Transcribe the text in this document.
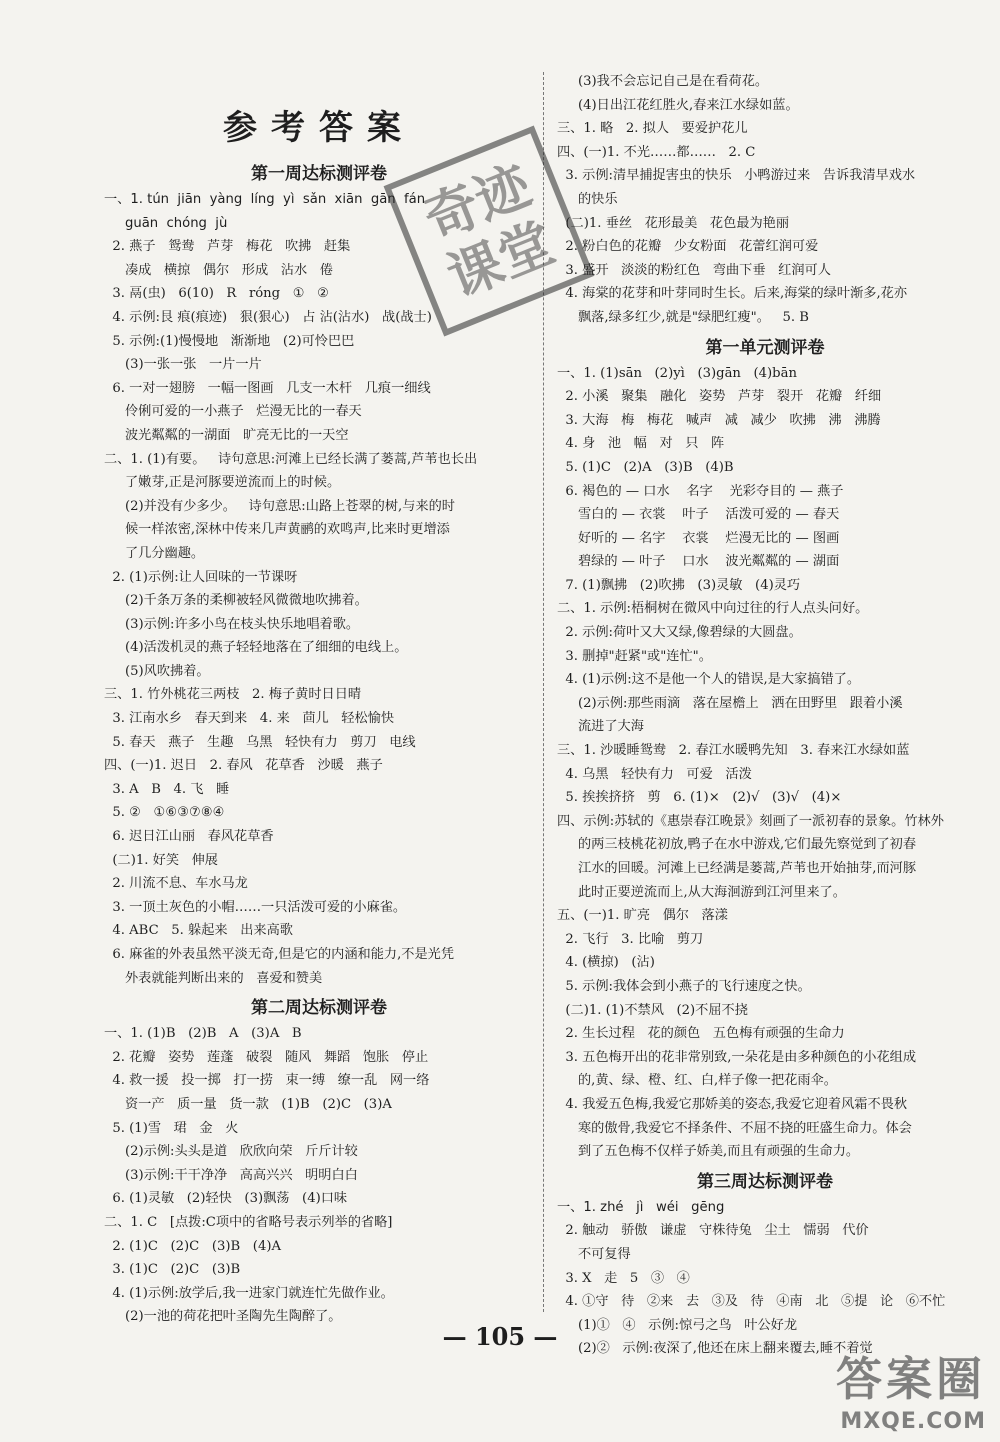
参考答案
第一周达标测评卷
一、1. tún  jiān  yàng  líng  yì  sǎn  xiān  gān  fán
guān  chóng  jù
2. 燕子   鸳鸯   芦芽   梅花   吹拂   赶集
凑成   横掠   偶尔   形成   沾水   倦
3. 鬲(虫)   6(10)   R   róng   ①   ②
4. 示例:艮 痕(痕迹)   狠(狠心)   占 沾(沾水)   战(战士)
5. 示例:(1)慢慢地   渐渐地   (2)可怜巴巴
(3)一张一张   一片一片
6. 一对一翅膀   一幅一图画   几支一木杆   几痕一细线
伶俐可爱的一小燕子   烂漫无比的一春天
波光粼粼的一湖面   旷亮无比的一天空
二、1. (1)有要。   诗句意思:河滩上已经长满了蒌蒿,芦苇也长出
了嫩芽,正是河豚要逆流而上的时候。
(2)并没有少多少。   诗句意思:山路上苍翠的树,与来的时
候一样浓密,深林中传来几声黄鹂的欢鸣声,比来时更增添
了几分幽趣。
2. (1)示例:让人回味的一节课呀
(2)千条万条的柔柳被轻风微微地吹拂着。
(3)示例:许多小鸟在枝头快乐地唱着歌。
(4)活泼机灵的燕子轻轻地落在了细细的电线上。
(5)风吹拂着。
三、1. 竹外桃花三两枝   2. 梅子黄时日日晴
3. 江南水乡   春天到来   4. 来   茴儿   轻松愉快
5. 春天   燕子   生趣   乌黑   轻快有力   剪刀   电线
四、(一)1. 迟日   2. 春风   花草香   沙暖   燕子
3. A   B   4. 飞   睡
5. ②   ①⑥③⑦⑧④
6. 迟日江山丽   春风花草香
(二)1. 好笑   伸展
2. 川流不息、车水马龙
3. 一顶土灰色的小帽……一只活泼可爱的小麻雀。
4. ABC   5. 躲起来   出来高歌
6. 麻雀的外表虽然平淡无奇,但是它的内涵和能力,不是光凭
外表就能判断出来的   喜爱和赞美
第二周达标测评卷
一、1. (1)B   (2)B   A   (3)A   B
2. 花瓣   姿势   莲蓬   破裂   随风   舞蹈   饱胀   停止
4. 救一援   投一掷   打一捞   束一缚   缭一乱   网一络
资一产   质一量   货一款   (1)B   (2)C   (3)A
5. (1)雪   珺   金   火
(2)示例:头头是道   欣欣向荣   斤斤计较
(3)示例:干干净净   高高兴兴   明明白白
6. (1)灵敏   (2)轻快   (3)飘荡   (4)口味
二、1. C   [点拨:C项中的省略号表示列举的省略]
2. (1)C   (2)C   (3)B   (4)A
3. (1)C   (2)C   (3)B
4. (1)示例:放学后,我一进家门就连忙先做作业。
(2)一池的荷花把叶圣陶先生陶醉了。
(3)我不会忘记自己是在看荷花。
(4)日出江花红胜火,春来江水绿如蓝。
三、1. 略   2. 拟人   要爱护花儿
四、(一)1. 不光……都……   2. C
3. 示例:清早捕捉害虫的快乐   小鸭游过来   告诉我清早戏水
的快乐
(二)1. 垂丝   花形最美   花色最为艳丽
2. 粉白色的花瓣   少女粉面   花蕾红润可爱
3. 盛开   淡淡的粉红色   弯曲下垂   红润可人
4. 海棠的花芽和叶芽同时生长。后来,海棠的绿叶渐多,花亦
飘落,绿多红少,就是"绿肥红瘦"。   5. B
第一单元测评卷
一、1. (1)sān   (2)yì   (3)gān   (4)bān
2. 小溪   聚集   融化   姿势   芦芽   裂开   花瓣   纤细
3. 大海   梅   梅花   喊声   减   减少   吹拂   沸   沸腾
4. 身   池   幅   对   只   阵
5. (1)C   (2)A   (3)B   (4)B
6. 褐色的 — 口水    名字    光彩夺目的 — 燕子
雪白的 — 衣裳    叶子    活泼可爱的 — 春天
好听的 — 名字    衣裳    烂漫无比的 — 图画
碧绿的 — 叶子    口水    波光粼粼的 — 湖面
7. (1)飘拂   (2)吹拂   (3)灵敏   (4)灵巧
二、1. 示例:梧桐树在微风中向过往的行人点头问好。
2. 示例:荷叶又大又绿,像碧绿的大圆盘。
3. 删掉"赶紧"或"连忙"。
4. (1)示例:这不是他一个人的错误,是大家搞错了。
(2)示例:那些雨滴   落在屋檐上   洒在田野里   跟着小溪
流进了大海
三、1. 沙暖睡鸳鸯   2. 春江水暖鸭先知   3. 春来江水绿如蓝
4. 乌黑   轻快有力   可爱   活泼
5. 挨挨挤挤   剪   6. (1)×   (2)√   (3)√   (4)×
四、示例:苏轼的《惠崇春江晚景》刻画了一派初春的景象。竹林外
的两三枝桃花初放,鸭子在水中游戏,它们最先察觉到了初春
江水的回暖。河滩上已经满是蒌蒿,芦苇也开始抽芽,而河豚
此时正要逆流而上,从大海洄游到江河里来了。
五、(一)1. 旷亮   偶尔   落漾
2. 飞行   3. 比喻   剪刀
4. (横掠)   (沾)
5. 示例:我体会到小燕子的飞行速度之快。
(二)1. (1)不禁风   (2)不屈不挠
2. 生长过程   花的颜色   五色梅有顽强的生命力
3. 五色梅开出的花非常别致,一朵花是由多种颜色的小花组成
的,黄、绿、橙、红、白,样子像一把花雨伞。
4. 我爱五色梅,我爱它那娇美的姿态,我爱它迎着风霜不畏秋
寒的傲骨,我爱它不择条件、不屈不挠的旺盛生命力。体会
到了五色梅不仅样子娇美,而且有顽强的生命力。
第三周达标测评卷
一、1. zhé   jì   wéi   gēng
2. 触动   骄傲   谦虚   守株待兔   尘土   懦弱   代价
不可复得
3. X   走   5   ③   ④
4. ①守   待   ②来   去   ③及   待   ④南   北   ⑤提   论   ⑥不忙
(1)①   ④   示例:惊弓之鸟   叶公好龙
(2)②   示例:夜深了,他还在床上翻来覆去,睡不着觉
奇迹课堂
— 105 —
答案圈
MXQE.COM
